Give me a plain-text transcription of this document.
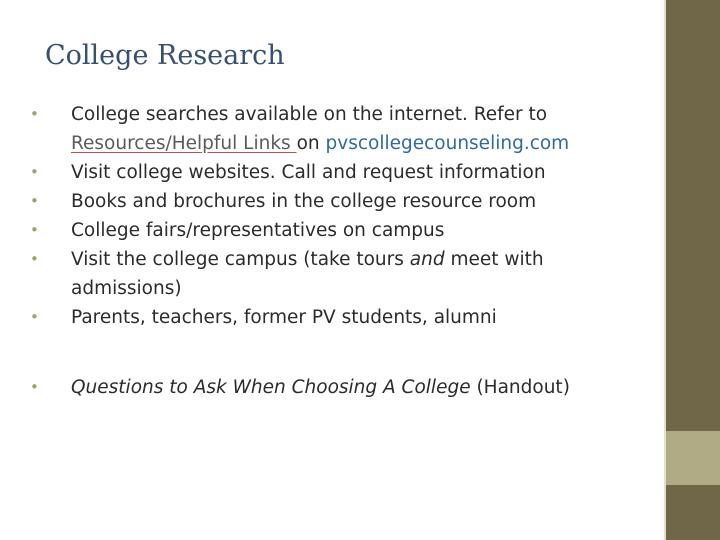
College Research
•	College searches available on the internet. Refer to Resources/Helpful Links on pvscollegecounseling.com
•	Visit college websites. Call and request information
•	Books and brochures in the college resource room
•	College fairs/representatives on campus
•	Visit the college campus (take tours and meet with admissions)
•	Parents, teachers, former PV students, alumni
•	Questions to Ask When Choosing A College (Handout)
